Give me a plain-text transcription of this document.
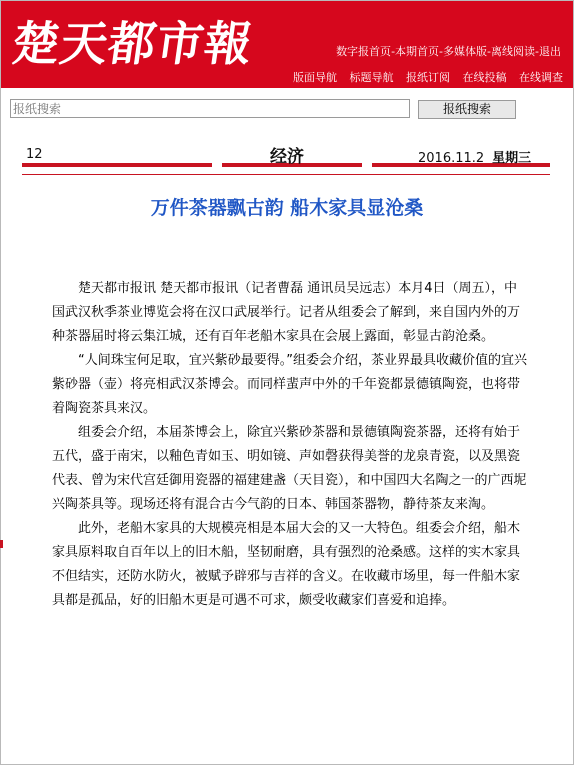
楚天都市報	数字报首页-本期首页-多媒体版-离线阅读-退出
版面导航 标题导航 报纸订阅 在线投稿 在线调查
报纸搜索
报纸搜索
12	经济	2016.11.2 星期三
万件茶器飘古韵 船木家具显沧桑

楚天都市报讯 楚天都市报讯（记者曹磊 通讯员吴远志）本月4日（周五），中国武汉秋季茶业博览会将在汉口武展举行。记者从组委会了解到，来自国内外的万种茶器届时将云集江城，还有百年老船木家具在会展上露面，彰显古韵沧桑。

“人间珠宝何足取，宜兴紫砂最要得。”组委会介绍，茶业界最具收藏价值的宜兴紫砂器（壶）将亮相武汉茶博会。而同样蜚声中外的千年瓷都景德镇陶瓷，也将带着陶瓷茶具来汉。

组委会介绍，本届茶博会上，除宜兴紫砂茶器和景德镇陶瓷茶器，还将有始于五代，盛于南宋，以釉色青如玉、明如镜、声如磬获得美誉的龙泉青瓷，以及黑瓷代表、曾为宋代宫廷御用瓷器的福建建盏（天目瓷），和中国四大名陶之一的广西坭兴陶茶具等。现场还将有混合古今气韵的日本、韩国茶器物，静待茶友来淘。

此外，老船木家具的大规模亮相是本届大会的又一大特色。组委会介绍，船木家具原料取自百年以上的旧木船，坚韧耐磨，具有强烈的沧桑感。这样的实木家具不但结实，还防水防火，被赋予辟邪与吉祥的含义。在收藏市场里，每一件船木家具都是孤品，好的旧船木更是可遇不可求，颇受收藏家们喜爱和追捧。
